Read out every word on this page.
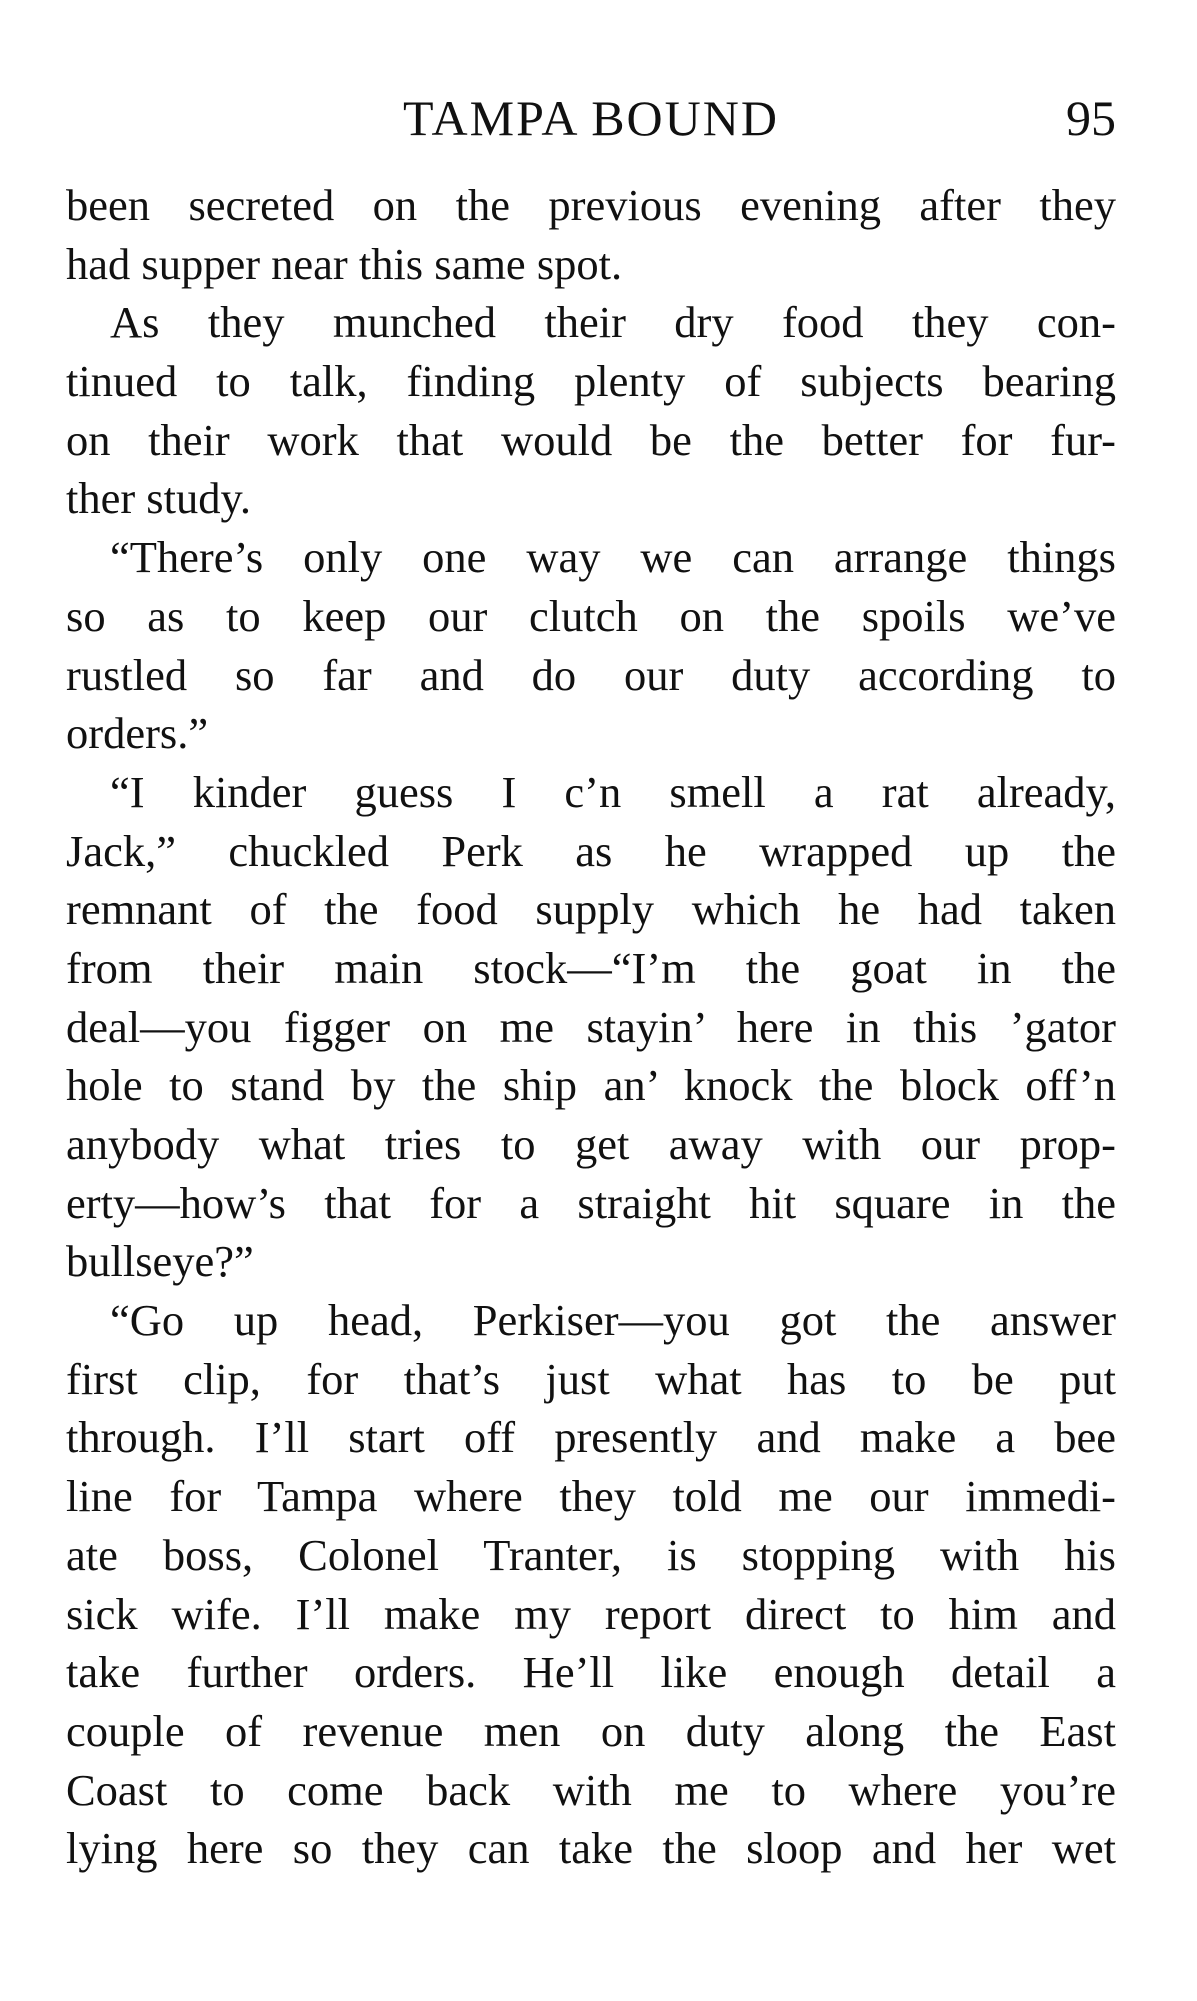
TAMPA BOUND	95
been secreted on the previous evening after they
had supper near this same spot.
As they munched their dry food they con-
tinued to talk, finding plenty of subjects bearing
on their work that would be the better for fur-
ther study.
“There’s only one way we can arrange things
so as to keep our clutch on the spoils we’ve
rustled so far and do our duty according to
orders.”
“I kinder guess I c’n smell a rat already,
Jack,” chuckled Perk as he wrapped up the
remnant of the food supply which he had taken
from their main stock—“I’m the goat in the
deal—you figger on me stayin’ here in this ’gator
hole to stand by the ship an’ knock the block off’n
anybody what tries to get away with our prop-
erty—how’s that for a straight hit square in the
bullseye?”
“Go up head, Perkiser—you got the answer
first clip, for that’s just what has to be put
through. I’ll start off presently and make a bee
line for Tampa where they told me our immedi-
ate boss, Colonel Tranter, is stopping with his
sick wife. I’ll make my report direct to him and
take further orders. He’ll like enough detail a
couple of revenue men on duty along the East
Coast to come back with me to where you’re
lying here so they can take the sloop and her wet
